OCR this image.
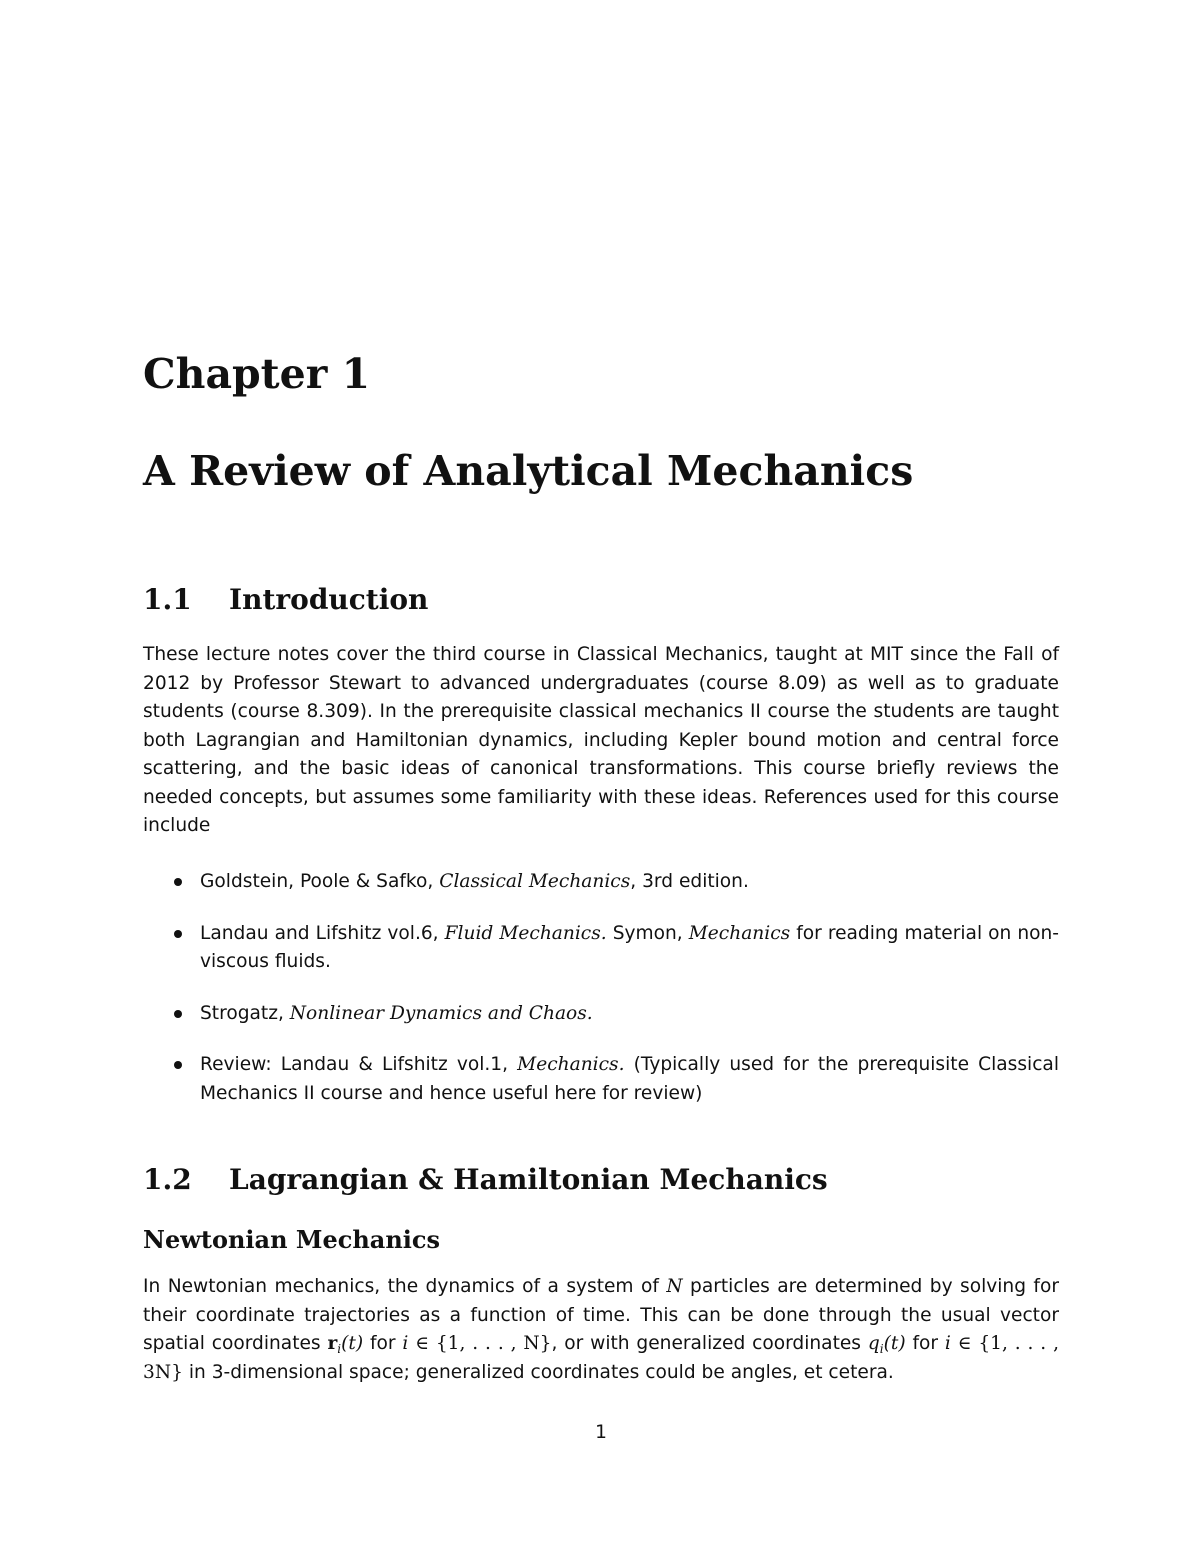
Chapter 1
A Review of Analytical Mechanics
1.1 Introduction

These lecture notes cover the third course in Classical Mechanics, taught at MIT since the Fall of 2012 by Professor Stewart to advanced undergraduates (course 8.09) as well as to graduate students (course 8.309). In the prerequisite classical mechanics II course the students are taught both Lagrangian and Hamiltonian dynamics, including Kepler bound motion and central force scattering, and the basic ideas of canonical transformations. This course briefly reviews the needed concepts, but assumes some familiarity with these ideas. References used for this course include

Goldstein, Poole & Safko, Classical Mechanics, 3rd edition.
Landau and Lifshitz vol.6, Fluid Mechanics. Symon, Mechanics for reading material on non-viscous fluids.
Strogatz, Nonlinear Dynamics and Chaos.
Review: Landau & Lifshitz vol.1, Mechanics. (Typically used for the prerequisite Classical Mechanics II course and hence useful here for review)
1.2 Lagrangian & Hamiltonian Mechanics
Newtonian Mechanics

In Newtonian mechanics, the dynamics of a system of N particles are determined by solving for their coordinate trajectories as a function of time. This can be done through the usual vector spatial coordinates $r_i(t)$ for i ∈ {1, . . . , N}, or with generalized coordinates $q_i(t)$ for i ∈ {1, . . . , 3N} in 3-dimensional space; generalized coordinates could be angles, et cetera.

1
